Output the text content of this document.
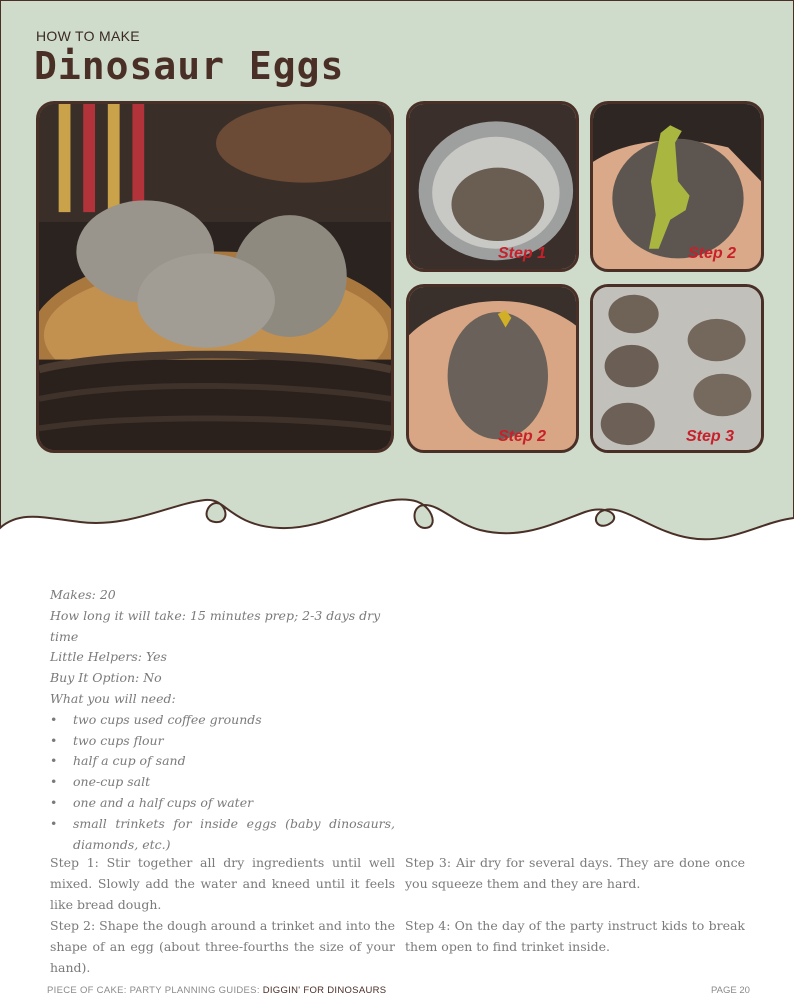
HOW TO MAKE
Dinosaur Eggs
Step 1	Step 2
Step 2	Step 3
Makes: 20
How long it will take: 15 minutes prep; 2-3 days dry time
Little Helpers: Yes
Buy It Option: No
What you will need:
• two cups used coffee grounds
• two cups flour
• half a cup of sand
• one-cup salt
• one and a half cups of water
• small trinkets for inside eggs (baby dinosaurs, diamonds, etc.)
Step 1: Stir together all dry ingredients until well mixed. Slowly add the water and kneed until it feels like bread dough.
Step 2: Shape the dough around a trinket and into the shape of an egg (about three-fourths the size of your hand).
Step 3: Air dry for several days. They are done once you squeeze them and they are hard.
Step 4: On the day of the party instruct kids to break them open to find trinket inside.
PIECE OF CAKE: PARTY PLANNING GUIDES: DIGGIN' FOR DINOSAURS	PAGE 20
